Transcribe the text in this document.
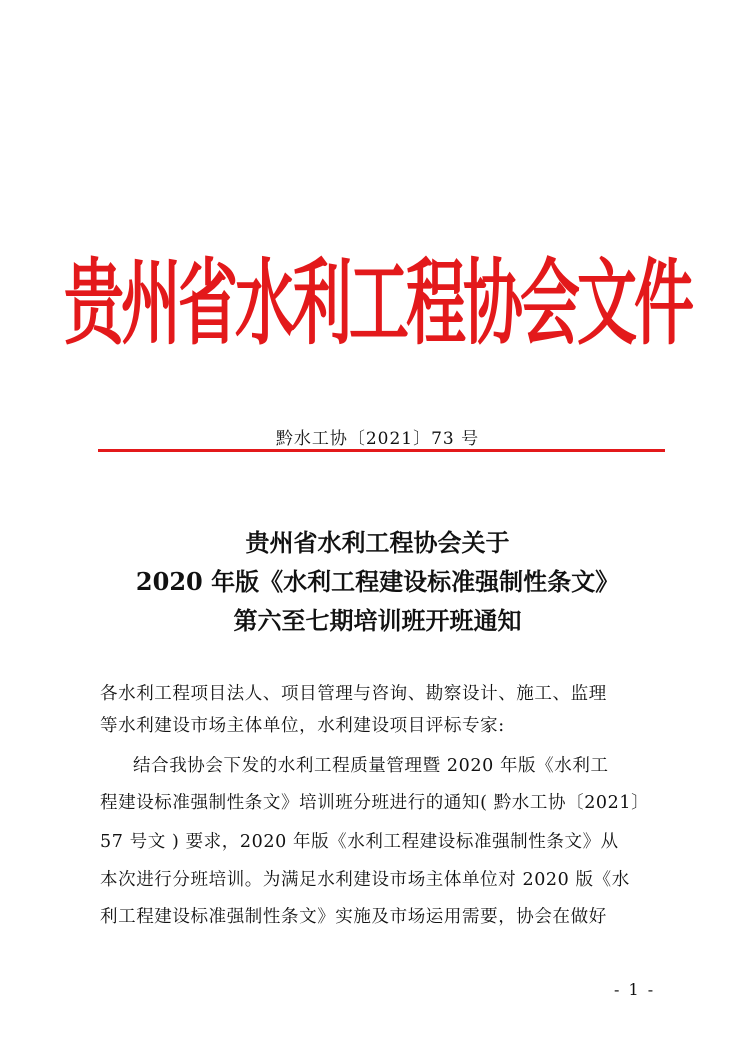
贵州省水利工程协会文件
黔水工协〔2021〕73 号
贵州省水利工程协会关于
2020 年版《水利工程建设标准强制性条文》
第六至七期培训班开班通知
各水利工程项目法人、项目管理与咨询、勘察设计、施工、监理
等水利建设市场主体单位，水利建设项目评标专家:
结合我协会下发的水利工程质量管理暨 2020 年版《水利工
程建设标准强制性条文》培训班分班进行的通知( 黔水工协〔2021〕
57 号文 ) 要求，2020 年版《水利工程建设标准强制性条文》从
本次进行分班培训。为满足水利建设市场主体单位对 2020 版《水
利工程建设标准强制性条文》实施及市场运用需要，协会在做好
- 1 -
